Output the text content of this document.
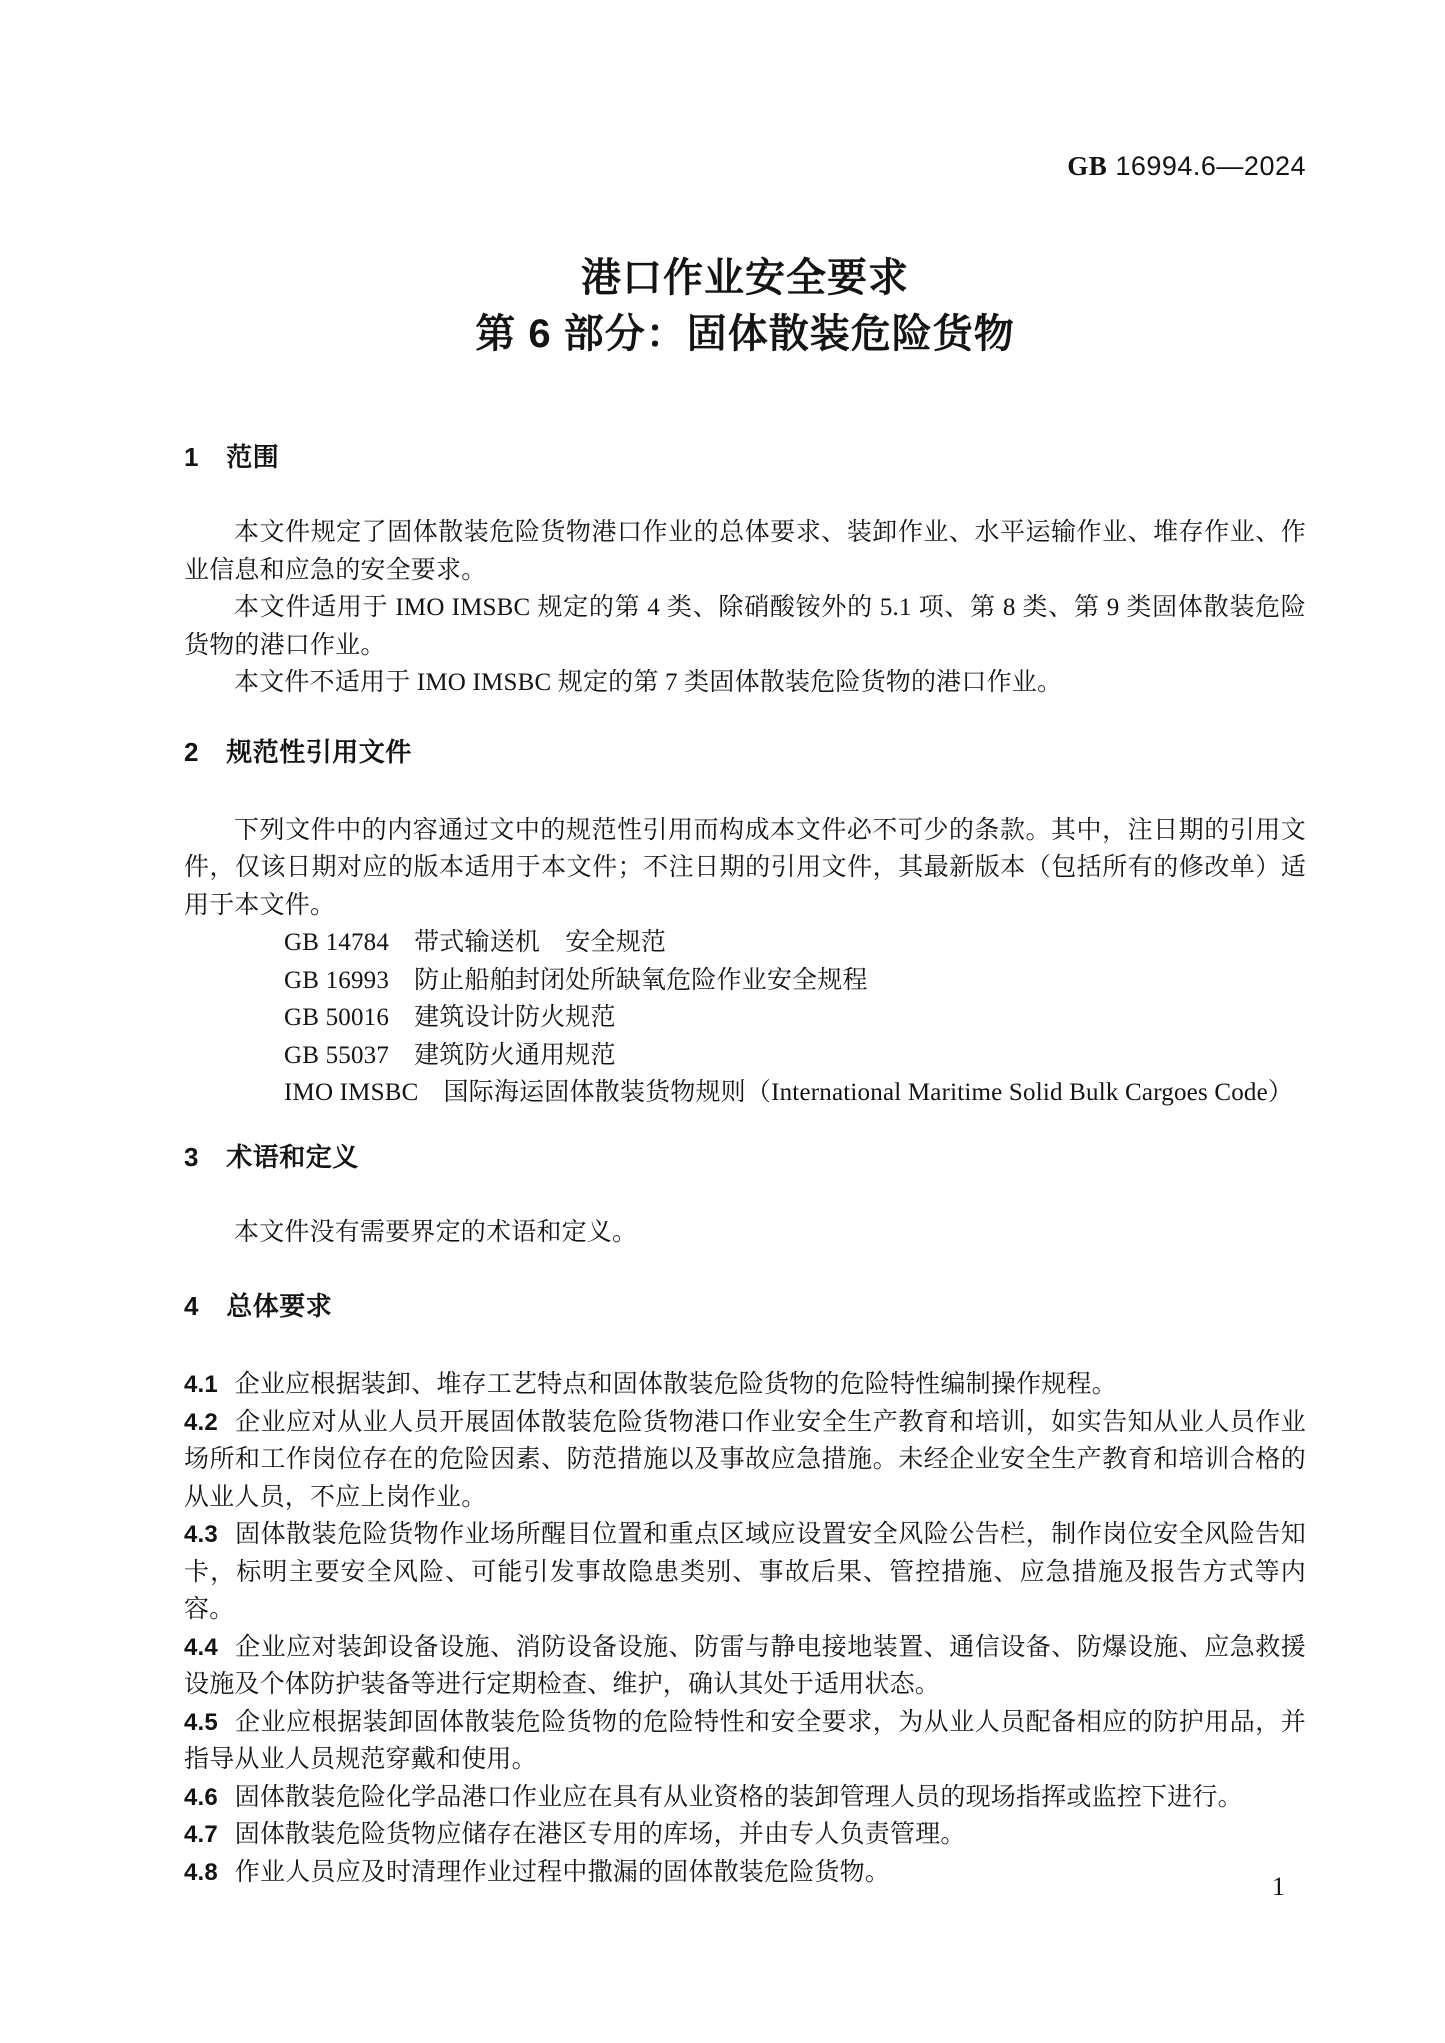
GB 16994.6—2024
港口作业安全要求
第 6 部分：固体散装危险货物
1 范围

本文件规定了固体散装危险货物港口作业的总体要求、装卸作业、水平运输作业、堆存作业、作业信息和应急的安全要求。

本文件适用于 IMO IMSBC 规定的第 4 类、除硝酸铵外的 5.1 项、第 8 类、第 9 类固体散装危险货物的港口作业。

本文件不适用于 IMO IMSBC 规定的第 7 类固体散装危险货物的港口作业。

2 规范性引用文件

下列文件中的内容通过文中的规范性引用而构成本文件必不可少的条款。其中，注日期的引用文件，仅该日期对应的版本适用于本文件；不注日期的引用文件，其最新版本（包括所有的修改单）适用于本文件。

GB 14784 带式输送机　安全规范

GB 16993 防止船舶封闭处所缺氧危险作业安全规程

GB 50016 建筑设计防火规范

GB 55037 建筑防火通用规范

IMO IMSBC 国际海运固体散装货物规则（International Maritime Solid Bulk Cargoes Code）

3 术语和定义

本文件没有需要界定的术语和定义。

4 总体要求

4.1 企业应根据装卸、堆存工艺特点和固体散装危险货物的危险特性编制操作规程。

4.2 企业应对从业人员开展固体散装危险货物港口作业安全生产教育和培训，如实告知从业人员作业场所和工作岗位存在的危险因素、防范措施以及事故应急措施。未经企业安全生产教育和培训合格的从业人员，不应上岗作业。

4.3 固体散装危险货物作业场所醒目位置和重点区域应设置安全风险公告栏，制作岗位安全风险告知卡，标明主要安全风险、可能引发事故隐患类别、事故后果、管控措施、应急措施及报告方式等内容。

4.4 企业应对装卸设备设施、消防设备设施、防雷与静电接地装置、通信设备、防爆设施、应急救援设施及个体防护装备等进行定期检查、维护，确认其处于适用状态。

4.5 企业应根据装卸固体散装危险货物的危险特性和安全要求，为从业人员配备相应的防护用品，并指导从业人员规范穿戴和使用。

4.6 固体散装危险化学品港口作业应在具有从业资格的装卸管理人员的现场指挥或监控下进行。

4.7 固体散装危险货物应储存在港区专用的库场，并由专人负责管理。

4.8 作业人员应及时清理作业过程中撒漏的固体散装危险货物。	1
